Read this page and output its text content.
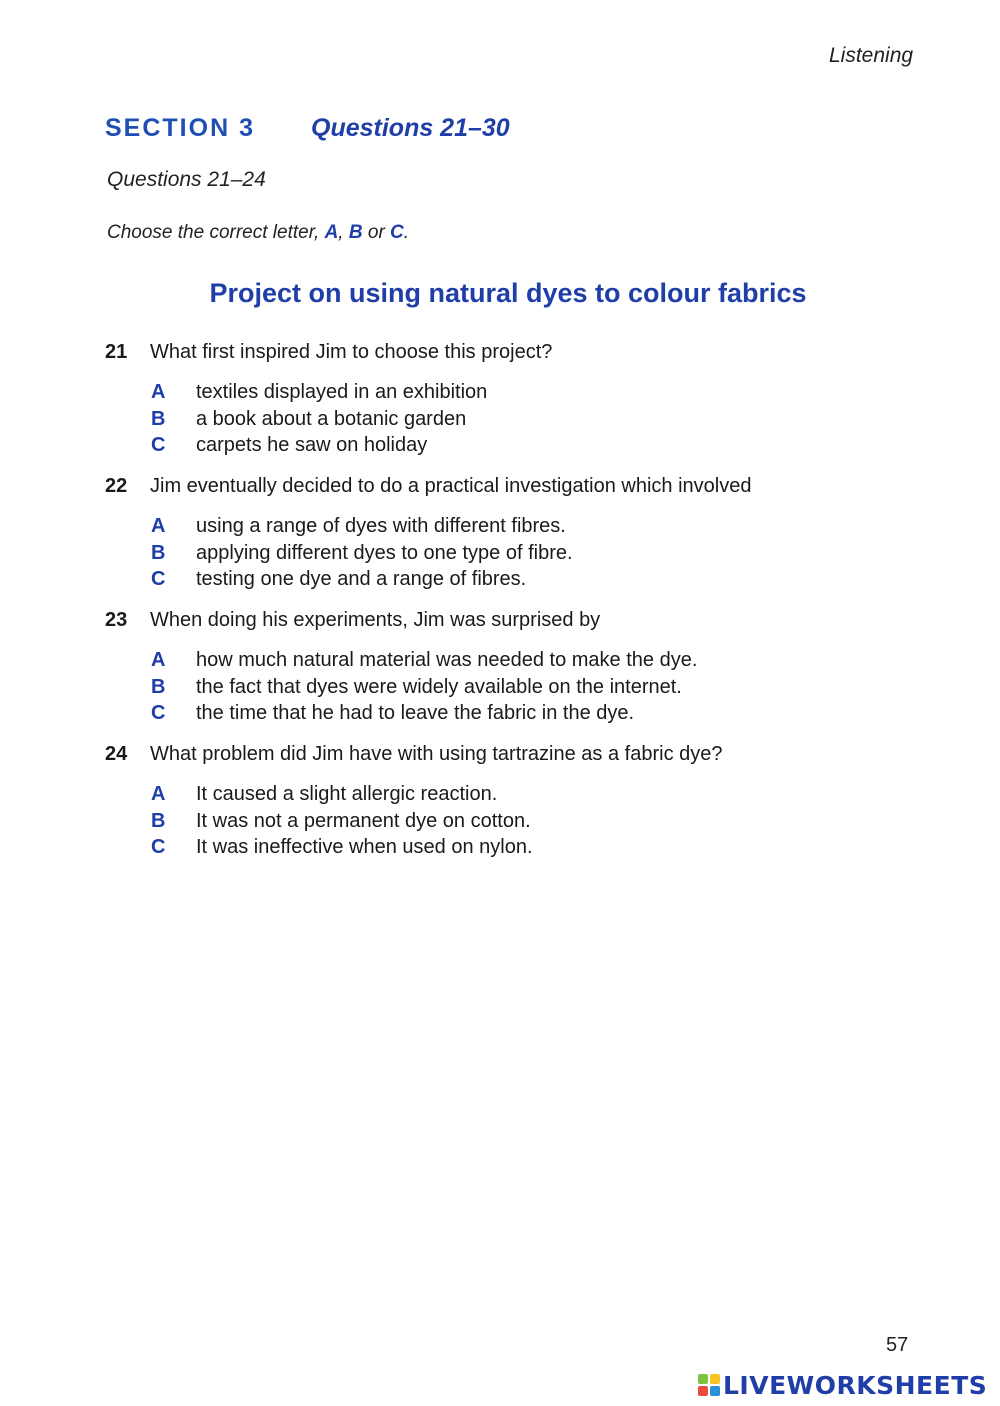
Listening
SECTION 3 Questions 21–30
Questions 21–24
Choose the correct letter, A, B or C.
Project on using natural dyes to colour fabrics
21	What first inspired Jim to choose this project?
A	textiles displayed in an exhibition
B	a book about a botanic garden
C	carpets he saw on holiday
22	Jim eventually decided to do a practical investigation which involved
A	using a range of dyes with different fibres.
B	applying different dyes to one type of fibre.
C	testing one dye and a range of fibres.
23	When doing his experiments, Jim was surprised by
A	how much natural material was needed to make the dye.
B	the fact that dyes were widely available on the internet.
C	the time that he had to leave the fabric in the dye.
24	What problem did Jim have with using tartrazine as a fabric dye?
A	It caused a slight allergic reaction.
B	It was not a permanent dye on cotton.
C	It was ineffective when used on nylon.
57
LIVEWORKSHEETS
